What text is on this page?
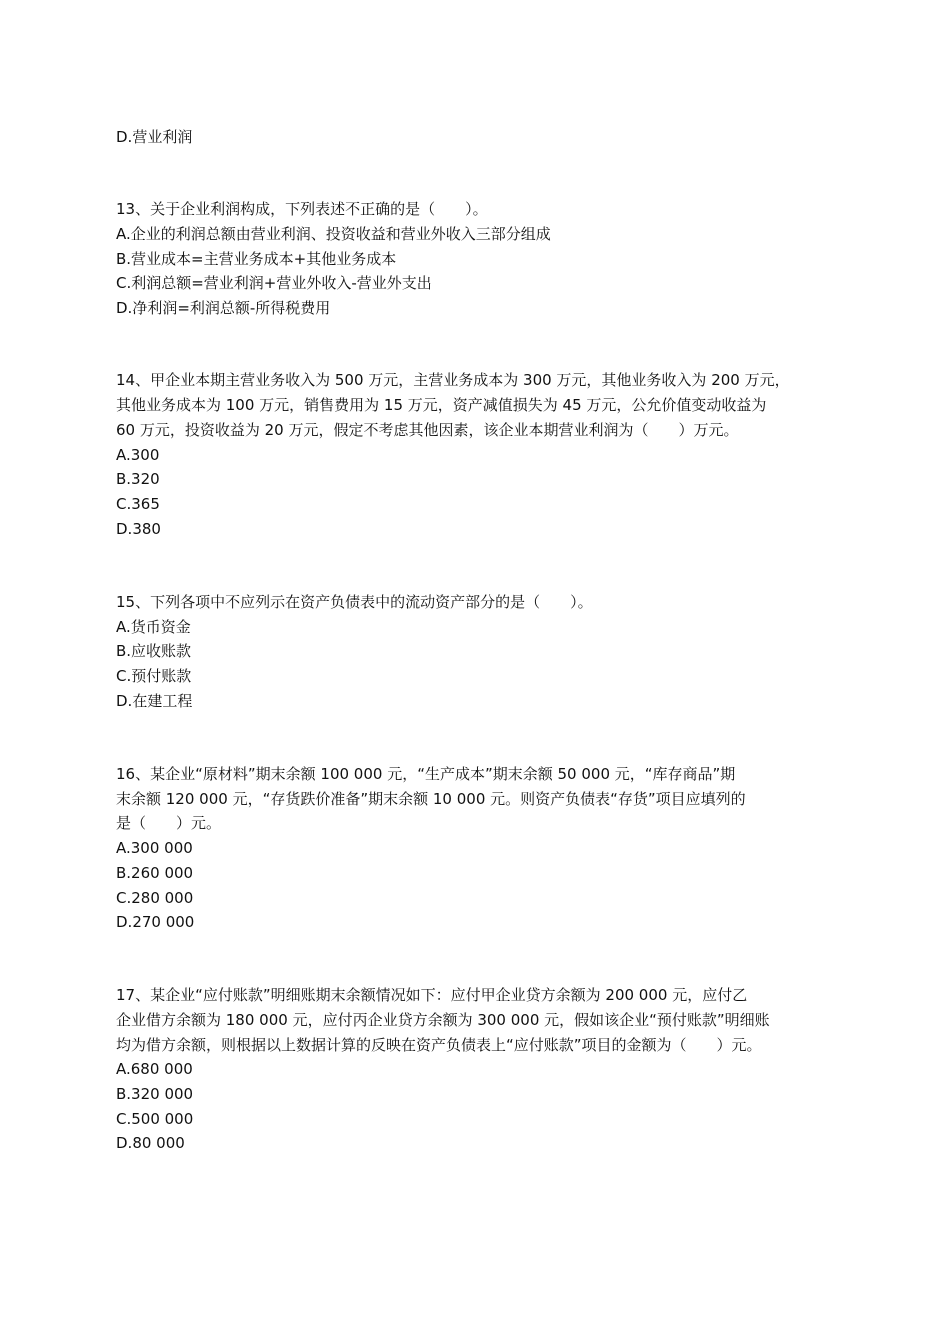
D.营业利润
13、关于企业利润构成，下列表述不正确的是（　　）。
A.企业的利润总额由营业利润、投资收益和营业外收入三部分组成
B.营业成本=主营业务成本+其他业务成本
C.利润总额=营业利润+营业外收入-营业外支出
D.净利润=利润总额-所得税费用
14、甲企业本期主营业务收入为 500 万元，主营业务成本为 300 万元，其他业务收入为 200 万元，
其他业务成本为 100 万元，销售费用为 15 万元，资产减值损失为 45 万元，公允价值变动收益为
60 万元，投资收益为 20 万元，假定不考虑其他因素，该企业本期营业利润为（　　）万元。
A.300
B.320
C.365
D.380
15、下列各项中不应列示在资产负债表中的流动资产部分的是（　　）。
A.货币资金
B.应收账款
C.预付账款
D.在建工程
16、某企业“原材料”期末余额 100 000 元，“生产成本”期末余额 50 000 元，“库存商品”期
末余额 120 000 元，“存货跌价准备”期末余额 10 000 元。则资产负债表“存货”项目应填列的
是（　　）元。
A.300 000
B.260 000
C.280 000
D.270 000
17、某企业“应付账款”明细账期末余额情况如下：应付甲企业贷方余额为 200 000 元，应付乙
企业借方余额为 180 000 元，应付丙企业贷方余额为 300 000 元，假如该企业“预付账款”明细账
均为借方余额，则根据以上数据计算的反映在资产负债表上“应付账款”项目的金额为（　　）元。
A.680 000
B.320 000
C.500 000
D.80 000
